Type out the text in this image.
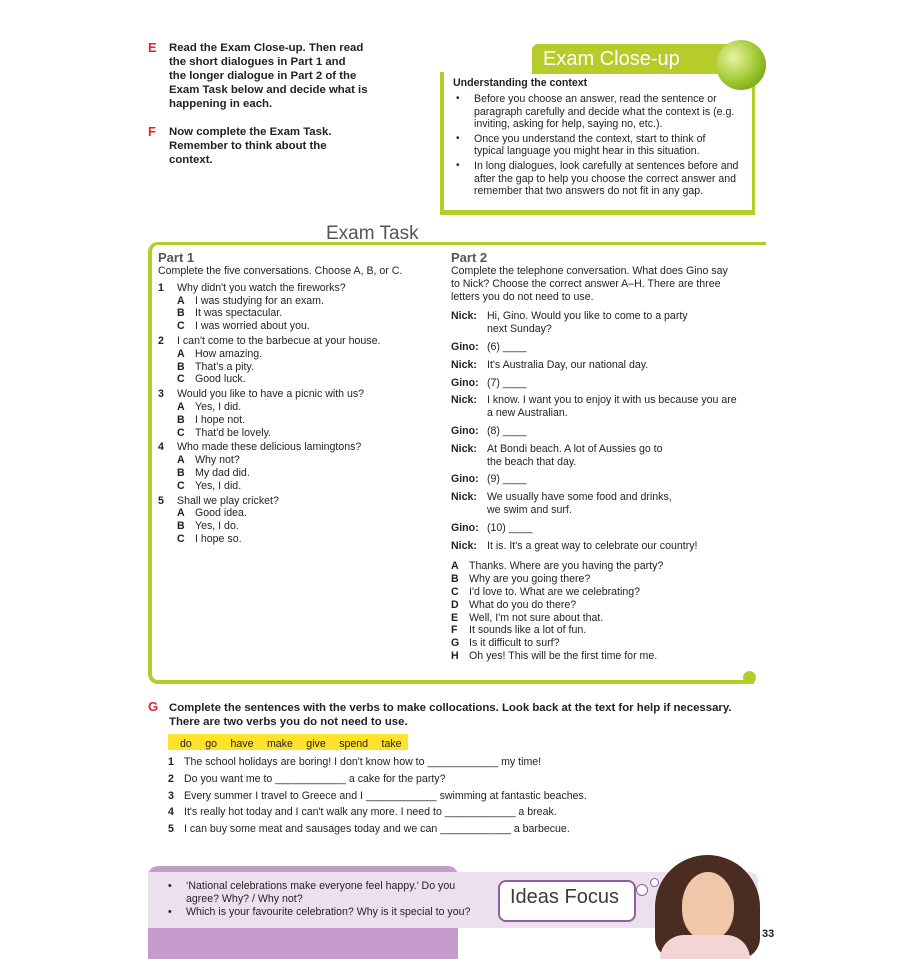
E Read the Exam Close-up. Then read
the short dialogues in Part 1 and
the longer dialogue in Part 2 of the
Exam Task below and decide what is
happening in each.
F Now complete the Exam Task.
Remember to think about the
context.
Exam Close-up
Understanding the context
• Before you choose an answer, read the sentence or
paragraph carefully and decide what the context is (e.g.
inviting, asking for help, saying no, etc.).
• Once you understand the context, start to think of
typical language you might hear in this situation.
• In long dialogues, look carefully at sentences before and
after the gap to help you choose the correct answer and
remember that two answers do not fit in any gap.
Exam Task
Part 1
Complete the five conversations. Choose A, B, or C.
1 Why didn't you watch the fireworks?
A I was studying for an exam.
B It was spectacular.
C I was worried about you.
2 I can't come to the barbecue at your house.
A How amazing.
B That's a pity.
C Good luck.
3 Would you like to have a picnic with us?
A Yes, I did.
B I hope not.
C That'd be lovely.
4 Who made these delicious lamingtons?
A Why not?
B My dad did.
C Yes, I did.
5 Shall we play cricket?
A Good idea.
B Yes, I do.
C I hope so.
Part 2
Complete the telephone conversation. What does Gino say
to Nick? Choose the correct answer A–H. There are three
letters you do not need to use.
Nick: Hi, Gino. Would you like to come to a party
next Sunday?
Gino: (6) ____
Nick: It's Australia Day, our national day.
Gino: (7) ____
Nick: I know. I want you to enjoy it with us because you are
a new Australian.
Gino: (8) ____
Nick: At Bondi beach. A lot of Aussies go to
the beach that day.
Gino: (9) ____
Nick: We usually have some food and drinks,
we swim and surf.
Gino: (10) ____
Nick: It is. It's a great way to celebrate our country!
A Thanks. Where are you having the party?
B Why are you going there?
C I'd love to. What are we celebrating?
D What do you do there?
E Well, I'm not sure about that.
F It sounds like a lot of fun.
G Is it difficult to surf?
H Oh yes! This will be the first time for me.
G Complete the sentences with the verbs to make collocations. Look back at the text for help if necessary.
There are two verbs you do not need to use.
do go have make give spend take
1 The school holidays are boring! I don't know how to ____________ my time!
2 Do you want me to ____________ a cake for the party?
3 Every summer I travel to Greece and I ____________ swimming at fantastic beaches.
4 It's really hot today and I can't walk any more. I need to ____________ a break.
5 I can buy some meat and sausages today and we can ____________ a barbecue.
• ‘National celebrations make everyone feel happy.’ Do you
agree? Why? / Why not?
• Which is your favourite celebration? Why is it special to you?
Ideas Focus
33
